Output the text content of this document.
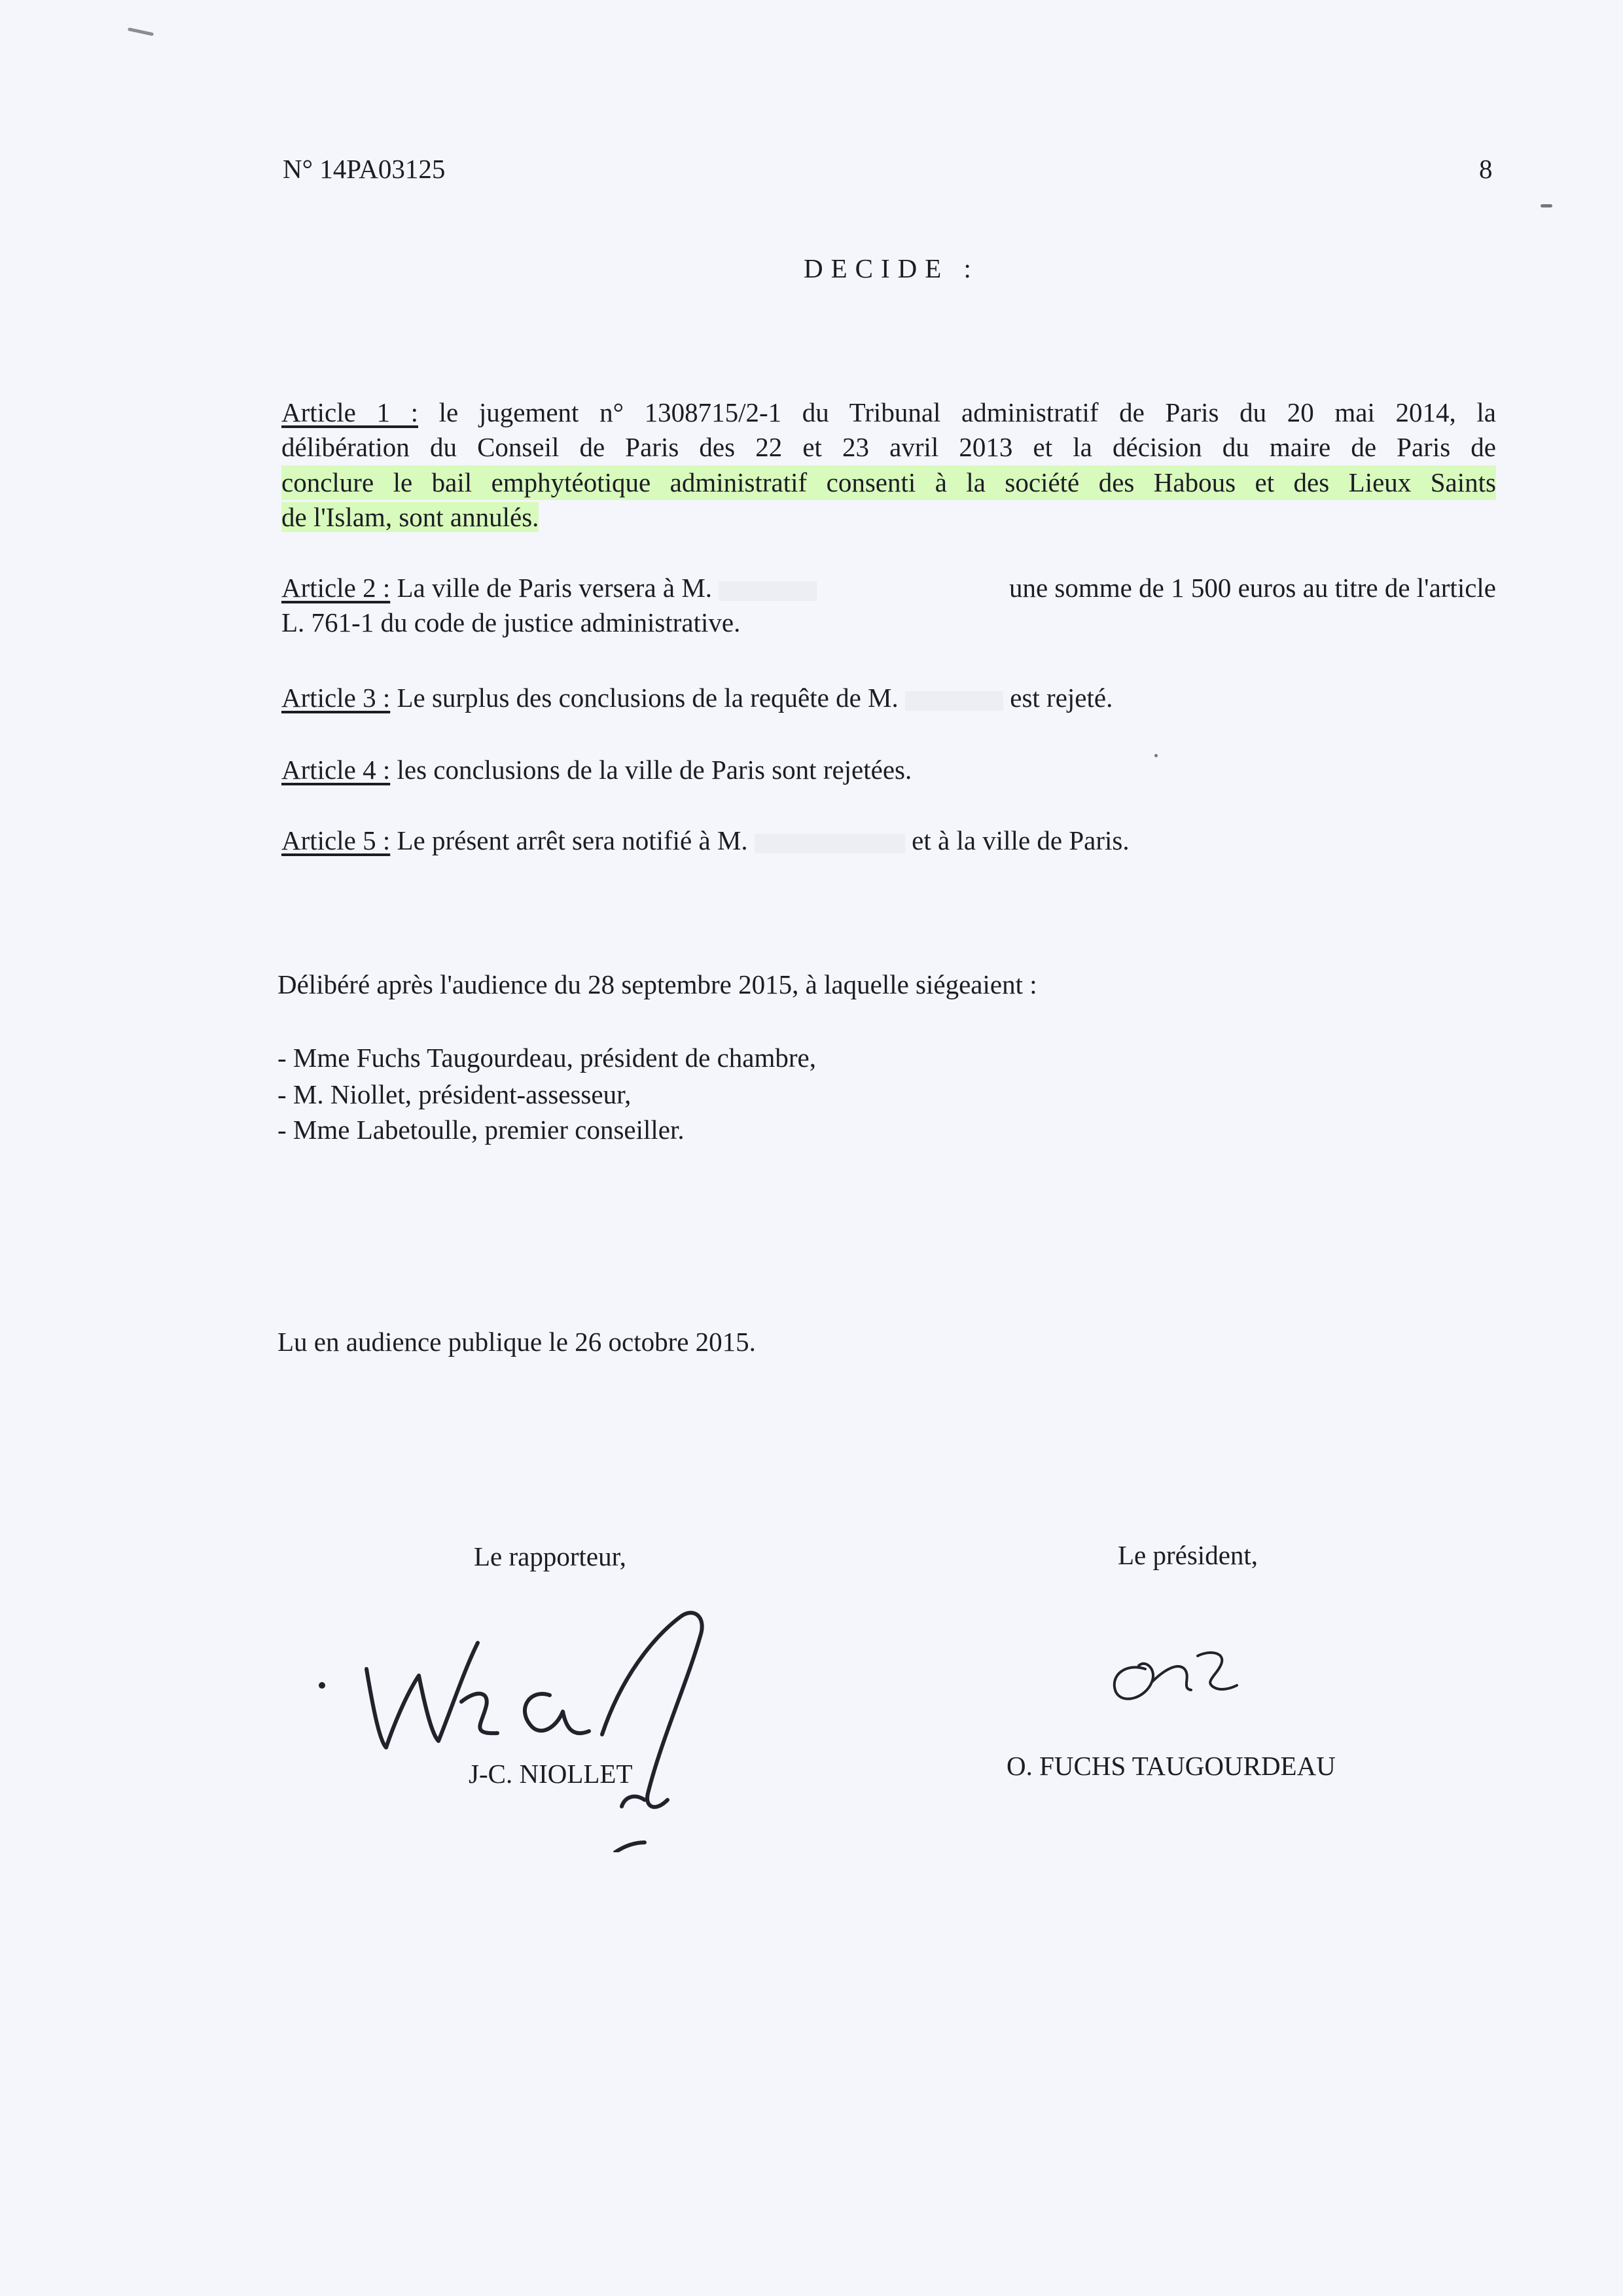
N° 14PA03125	8
DECIDE :
Article 1 : le jugement n° 1308715/2-1 du Tribunal administratif de Paris du 20 mai 2014, la
délibération du Conseil de Paris des 22 et 23 avril 2013 et la décision du maire de Paris de
conclure le bail emphytéotique administratif consenti à la société des Habous et des Lieux Saints
de l'Islam, sont annulés.
Article 2 : La ville de Paris versera à M.	une somme de 1 500 euros au titre de l'article
L. 761-1 du code de justice administrative.
Article 3 : Le surplus des conclusions de la requête de M.	est rejeté.
Article 4 : les conclusions de la ville de Paris sont rejetées.
Article 5 : Le présent arrêt sera notifié à M.	et à la ville de Paris.
Délibéré après l'audience du 28 septembre 2015, à laquelle siégeaient :
- Mme Fuchs Taugourdeau, président de chambre,
- M. Niollet, président-assesseur,
- Mme Labetoulle, premier conseiller.
Lu en audience publique le 26 octobre 2015.
Le rapporteur,
J-C. NIOLLET
Le président,
O. FUCHS TAUGOURDEAU
